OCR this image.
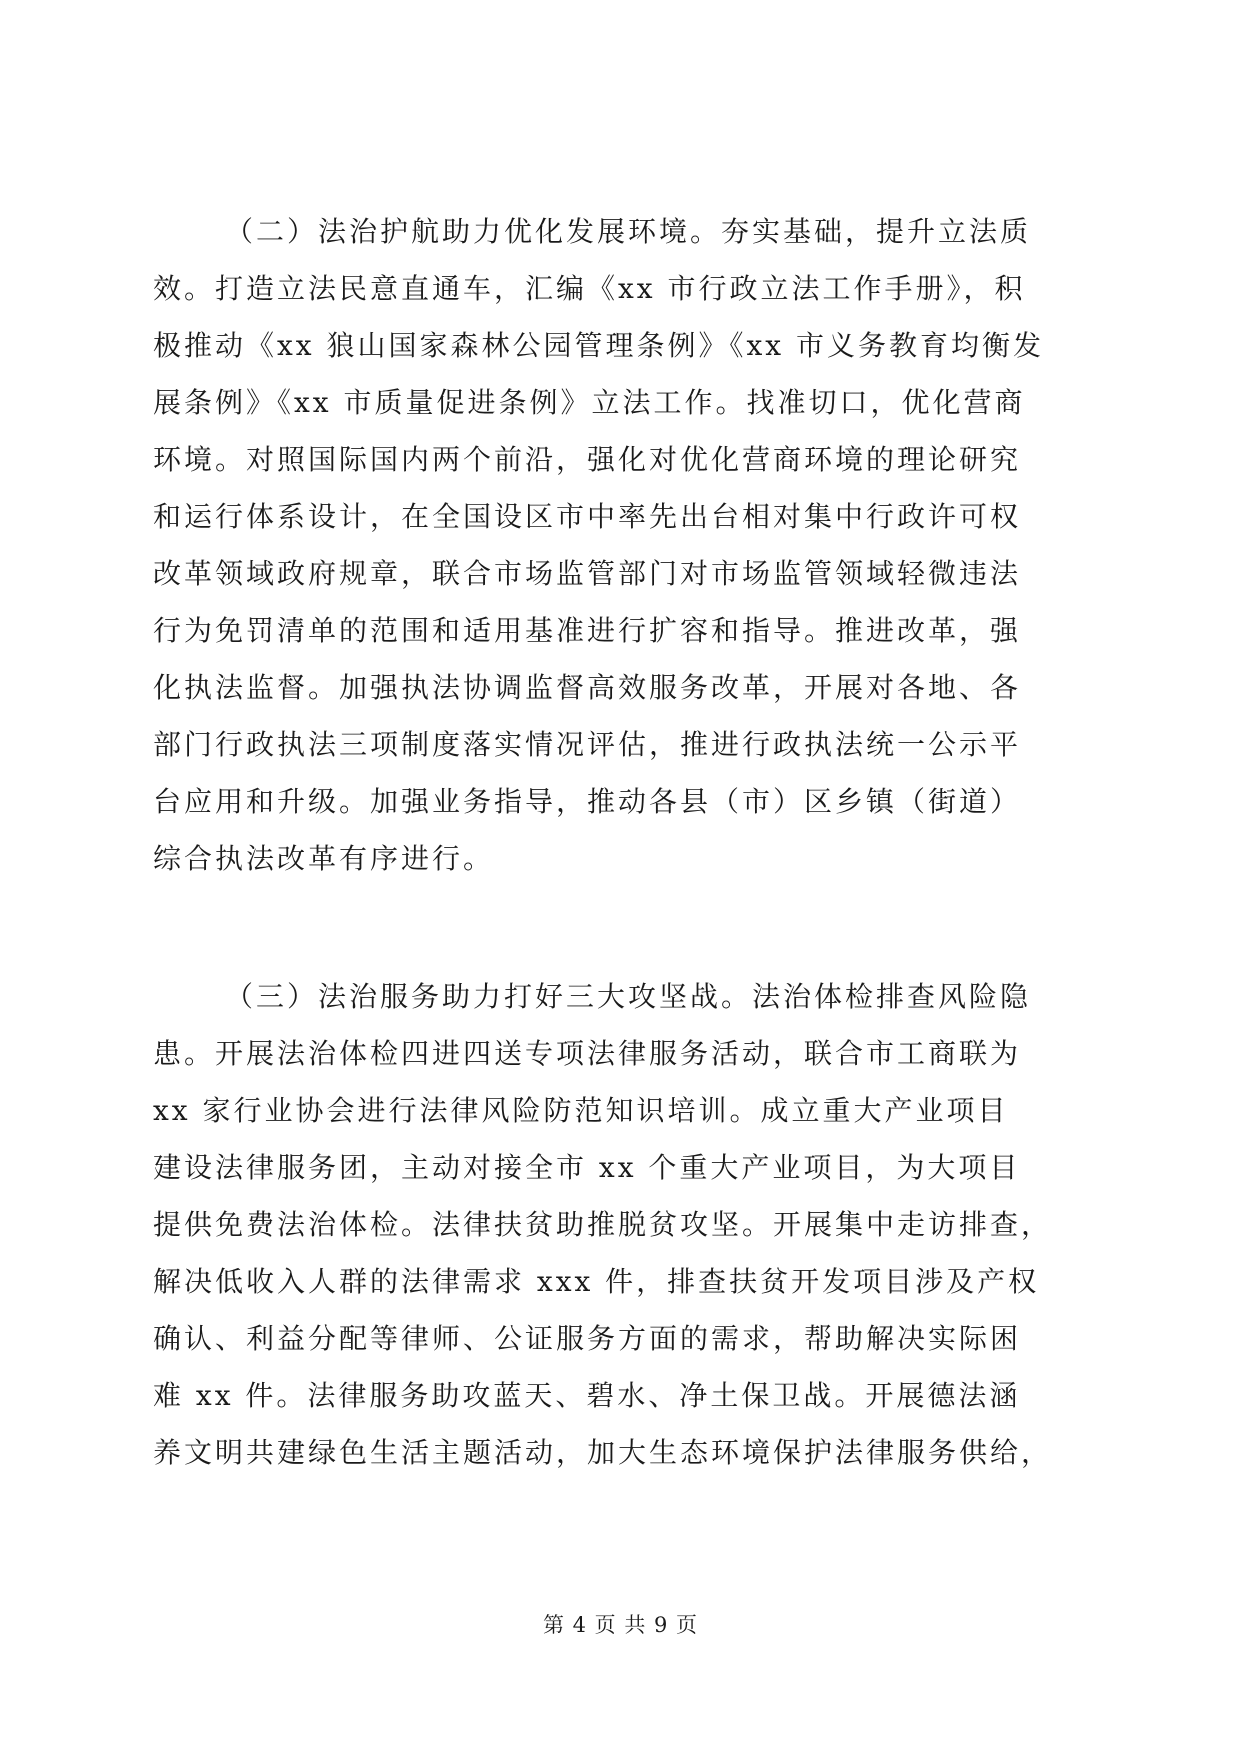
（二）法治护航助力优化发展环境。夯实基础，提升立法质
效。打造立法民意直通车，汇编《xx 市行政立法工作手册》，积
极推动《xx 狼山国家森林公园管理条例》《xx 市义务教育均衡发
展条例》《xx 市质量促进条例》立法工作。找准切口，优化营商
环境。对照国际国内两个前沿，强化对优化营商环境的理论研究
和运行体系设计，在全国设区市中率先出台相对集中行政许可权
改革领域政府规章，联合市场监管部门对市场监管领域轻微违法
行为免罚清单的范围和适用基准进行扩容和指导。推进改革，强
化执法监督。加强执法协调监督高效服务改革，开展对各地、各
部门行政执法三项制度落实情况评估，推进行政执法统一公示平
台应用和升级。加强业务指导，推动各县（市）区乡镇（街道）
综合执法改革有序进行。
（三）法治服务助力打好三大攻坚战。法治体检排查风险隐
患。开展法治体检四进四送专项法律服务活动，联合市工商联为
xx 家行业协会进行法律风险防范知识培训。成立重大产业项目
建设法律服务团，主动对接全市 xx 个重大产业项目，为大项目
提供免费法治体检。法律扶贫助推脱贫攻坚。开展集中走访排查，
解决低收入人群的法律需求 xxx 件，排查扶贫开发项目涉及产权
确认、利益分配等律师、公证服务方面的需求，帮助解决实际困
难 xx 件。法律服务助攻蓝天、碧水、净土保卫战。开展德法涵
养文明共建绿色生活主题活动，加大生态环境保护法律服务供给，
第 4 页 共 9 页
